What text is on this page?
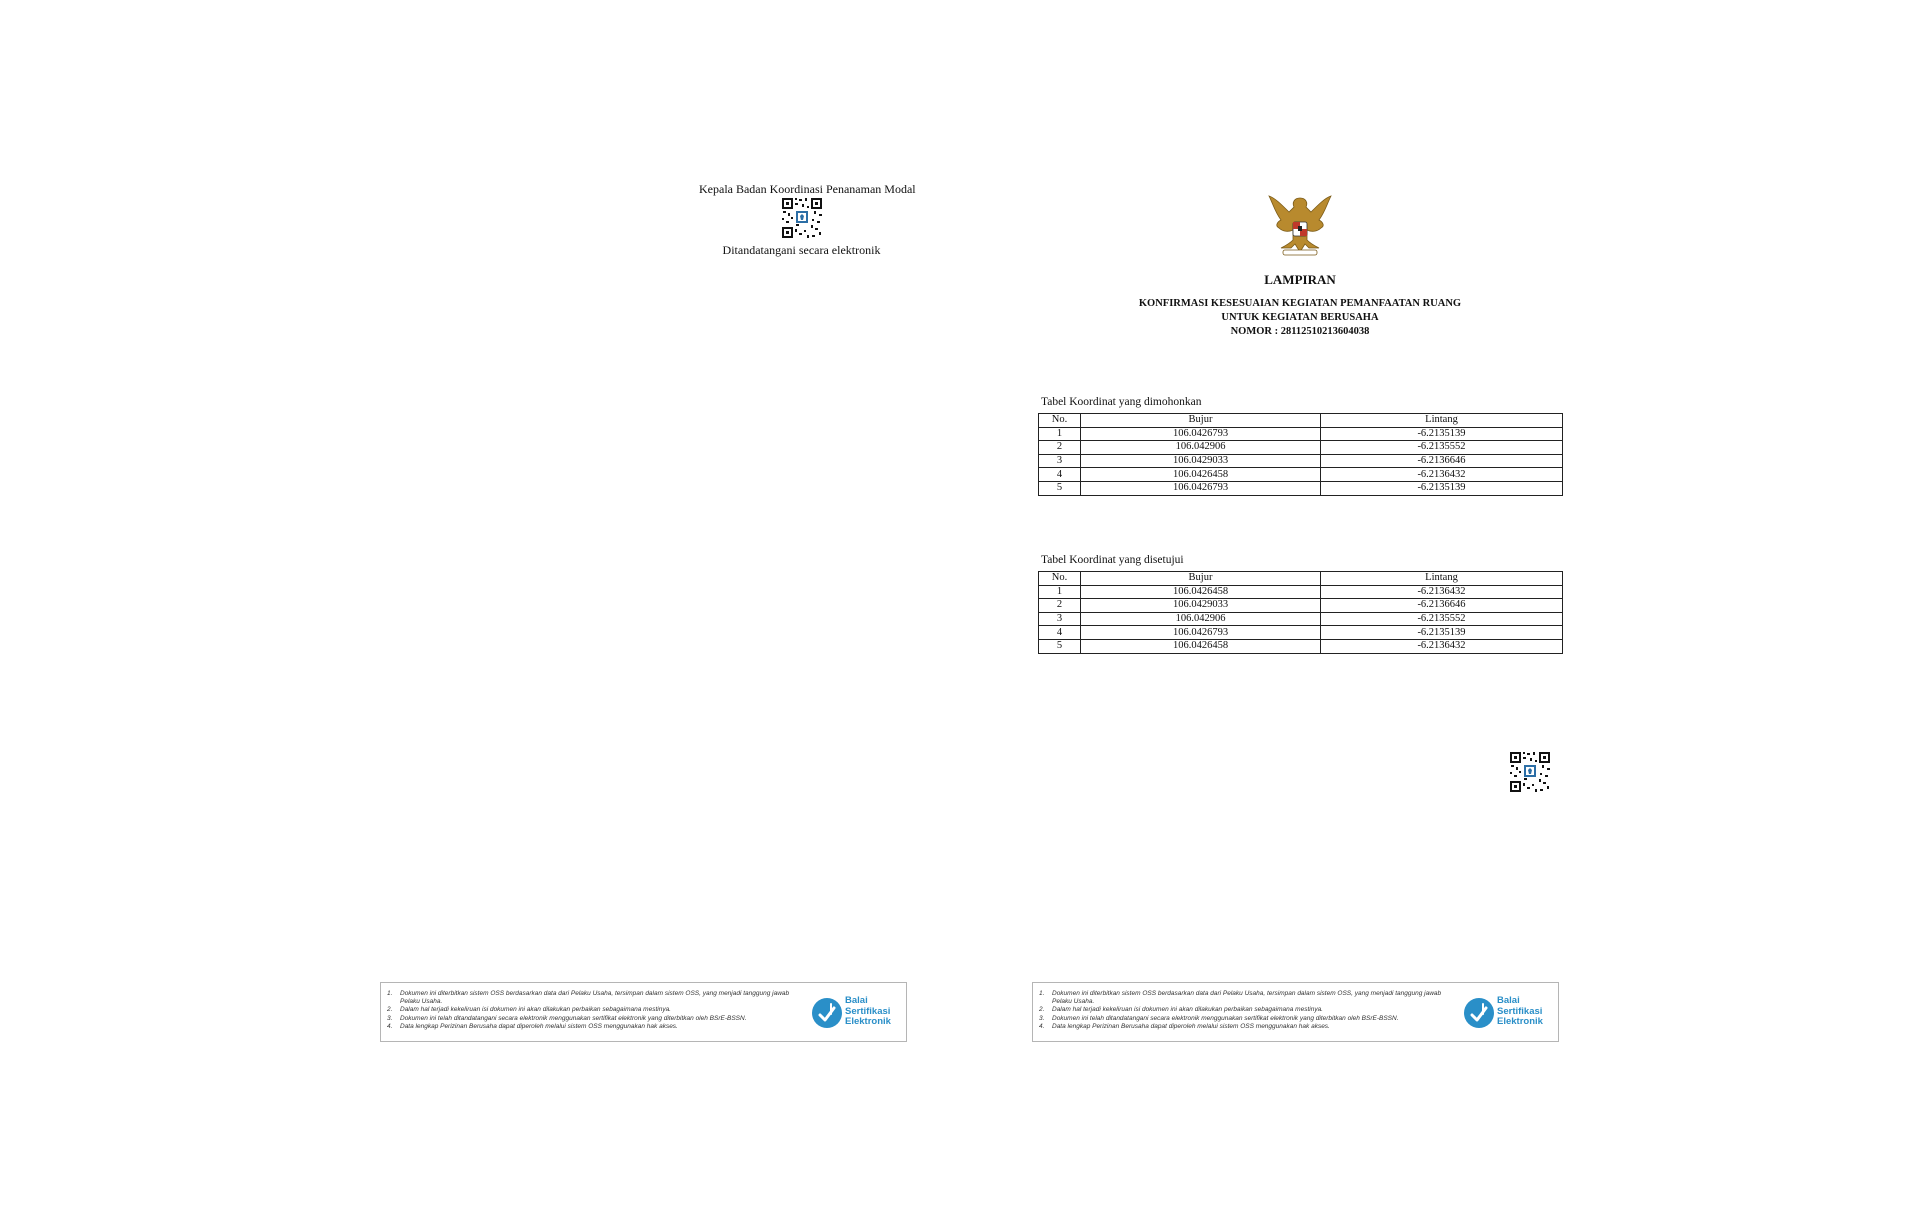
Kepala Badan Koordinasi Penanaman Modal
Ditandatangani secara elektronik
LAMPIRAN
KONFIRMASI KESESUAIAN KEGIATAN PEMANFAATAN RUANG
UNTUK KEGIATAN BERUSAHA
NOMOR : 28112510213604038
Tabel Koordinat yang dimohonkan
No.	Bujur	Lintang
1	106.0426793	-6.2135139
2	106.042906	-6.2135552
3	106.0429033	-6.2136646
4	106.0426458	-6.2136432
5	106.0426793	-6.2135139
Tabel Koordinat yang disetujui
No.	Bujur	Lintang
1	106.0426458	-6.2136432
2	106.0429033	-6.2136646
3	106.042906	-6.2135552
4	106.0426793	-6.2135139
5	106.0426458	-6.2136432
1. Dokumen ini diterbitkan sistem OSS berdasarkan data dari Pelaku Usaha, tersimpan dalam sistem OSS, yang menjadi tanggung jawab Pelaku Usaha.
2. Dalam hal terjadi kekeliruan isi dokumen ini akan dilakukan perbaikan sebagaimana mestinya.
3. Dokumen ini telah ditandatangani secara elektronik menggunakan sertifikat elektronik yang diterbitkan oleh BSrE-BSSN.
4. Data lengkap Perizinan Berusaha dapat diperoleh melalui sistem OSS menggunakan hak akses.
Balai
Sertifikasi
Elektronik
1. Dokumen ini diterbitkan sistem OSS berdasarkan data dari Pelaku Usaha, tersimpan dalam sistem OSS, yang menjadi tanggung jawab Pelaku Usaha.
2. Dalam hal terjadi kekeliruan isi dokumen ini akan dilakukan perbaikan sebagaimana mestinya.
3. Dokumen ini telah ditandatangani secara elektronik menggunakan sertifikat elektronik yang diterbitkan oleh BSrE-BSSN.
4. Data lengkap Perizinan Berusaha dapat diperoleh melalui sistem OSS menggunakan hak akses.
Balai
Sertifikasi
Elektronik
